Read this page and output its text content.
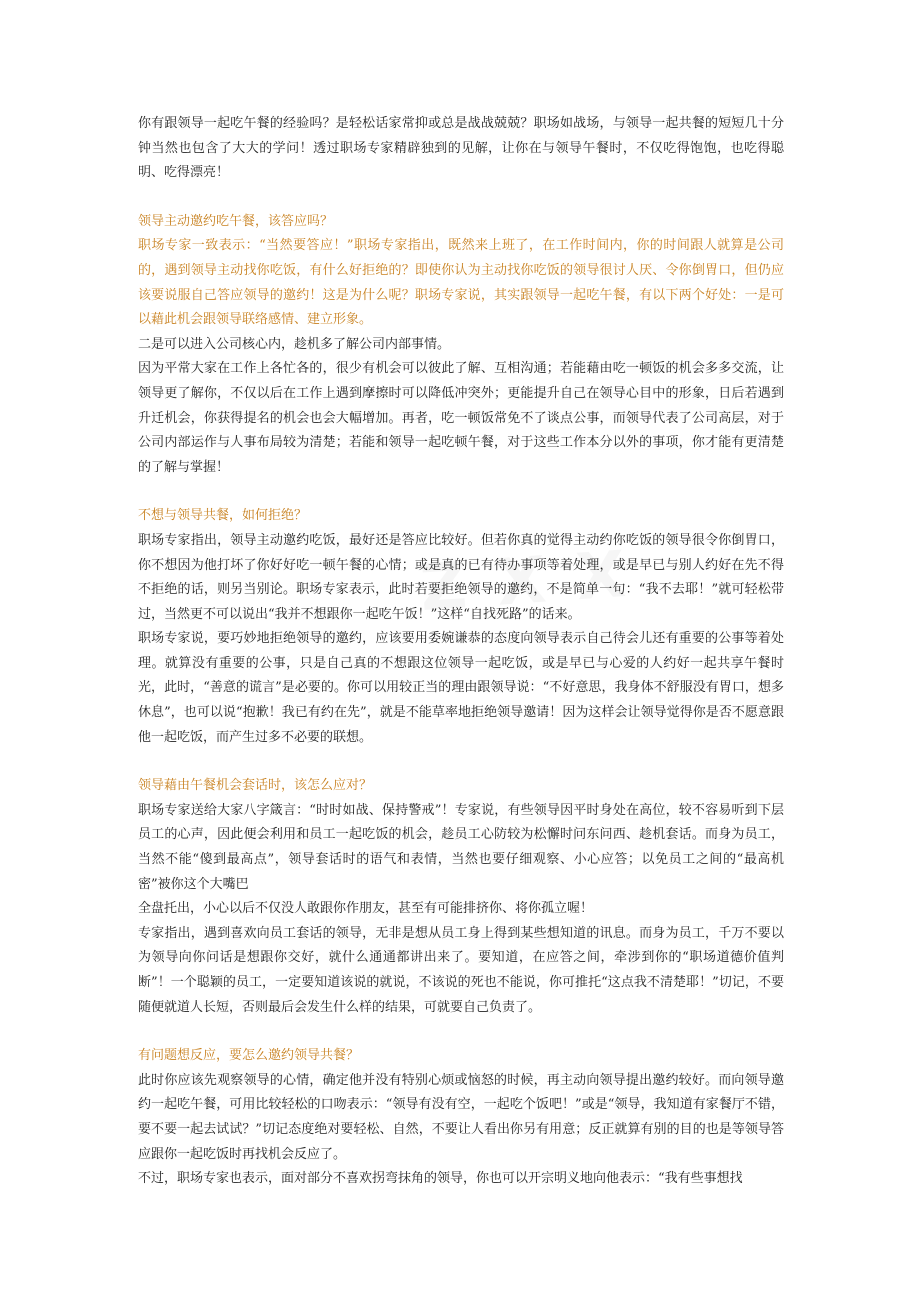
你有跟领导一起吃午餐的经验吗？是轻松话家常抑或总是战战兢兢？职场如战场，与领导一起共餐的短短几十分钟当然也包含了大大的学问！透过职场专家精辟独到的见解，让你在与领导午餐时，不仅吃得饱饱，也吃得聪明、吃得漂亮！

领导主动邀约吃午餐，该答应吗？

职场专家一致表示：“当然要答应！”职场专家指出，既然来上班了，在工作时间内，你的时间跟人就算是公司的，遇到领导主动找你吃饭，有什么好拒绝的？即使你认为主动找你吃饭的领导很讨人厌、令你倒胃口，但仍应该要说服自己答应领导的邀约！这是为什么呢？职场专家说，其实跟领导一起吃午餐，有以下两个好处：一是可以藉此机会跟领导联络感情、建立形象。

二是可以进入公司核心内，趁机多了解公司内部事情。

因为平常大家在工作上各忙各的，很少有机会可以彼此了解、互相沟通；若能藉由吃一顿饭的机会多多交流，让领导更了解你，不仅以后在工作上遇到摩擦时可以降低冲突外；更能提升自己在领导心目中的形象，日后若遇到升迁机会，你获得提名的机会也会大幅增加。再者，吃一顿饭常免不了谈点公事，而领导代表了公司高层，对于公司内部运作与人事布局较为清楚；若能和领导一起吃顿午餐，对于这些工作本分以外的事项，你才能有更清楚的了解与掌握！

不想与领导共餐，如何拒绝？

职场专家指出，领导主动邀约吃饭，最好还是答应比较好。但若你真的觉得主动约你吃饭的领导很令你倒胃口，你不想因为他打坏了你好好吃一顿午餐的心情；或是真的已有待办事项等着处理，或是早已与别人约好在先不得不拒绝的话，则另当别论。职场专家表示，此时若要拒绝领导的邀约，不是简单一句：“我不去耶！”就可轻松带过，当然更不可以说出“我并不想跟你一起吃午饭！”这样“自找死路”的话来。

职场专家说，要巧妙地拒绝领导的邀约，应该要用委婉谦恭的态度向领导表示自己待会儿还有重要的公事等着处理。就算没有重要的公事，只是自己真的不想跟这位领导一起吃饭，或是早已与心爱的人约好一起共享午餐时光，此时，“善意的谎言”是必要的。你可以用较正当的理由跟领导说：“不好意思，我身体不舒服没有胃口，想多休息”，也可以说“抱歉！我已有约在先”，就是不能草率地拒绝领导邀请！因为这样会让领导觉得你是否不愿意跟他一起吃饭，而产生过多不必要的联想。

领导藉由午餐机会套话时，该怎么应对？

职场专家送给大家八字箴言：“时时如战、保持警戒”！专家说，有些领导因平时身处在高位，较不容易听到下层员工的心声，因此便会利用和员工一起吃饭的机会，趁员工心防较为松懈时问东问西、趁机套话。而身为员工，当然不能“傻到最高点”，领导套话时的语气和表情，当然也要仔细观察、小心应答；以免员工之间的“最高机密”被你这个大嘴巴

全盘托出，小心以后不仅没人敢跟你作朋友，甚至有可能排挤你、将你孤立喔！

专家指出，遇到喜欢向员工套话的领导，无非是想从员工身上得到某些想知道的讯息。而身为员工，千万不要以为领导向你问话是想跟你交好，就什么通通都讲出来了。要知道，在应答之间，牵涉到你的“职场道德价值判断”！一个聪颖的员工，一定要知道该说的就说，不该说的死也不能说，你可推托“这点我不清楚耶！”切记，不要随便就道人长短，否则最后会发生什么样的结果，可就要自己负责了。

有问题想反应，要怎么邀约领导共餐？

此时你应该先观察领导的心情，确定他并没有特别心烦或恼怒的时候，再主动向领导提出邀约较好。而向领导邀约一起吃午餐，可用比较轻松的口吻表示：“领导有没有空，一起吃个饭吧！”或是“领导，我知道有家餐厅不错，要不要一起去试试？”切记态度绝对要轻松、自然，不要让人看出你另有用意；反正就算有别的目的也是等领导答应跟你一起吃饭时再找机会反应了。

不过，职场专家也表示，面对部分不喜欢拐弯抹角的领导，你也可以开宗明义地向他表示：“我有些事想找
